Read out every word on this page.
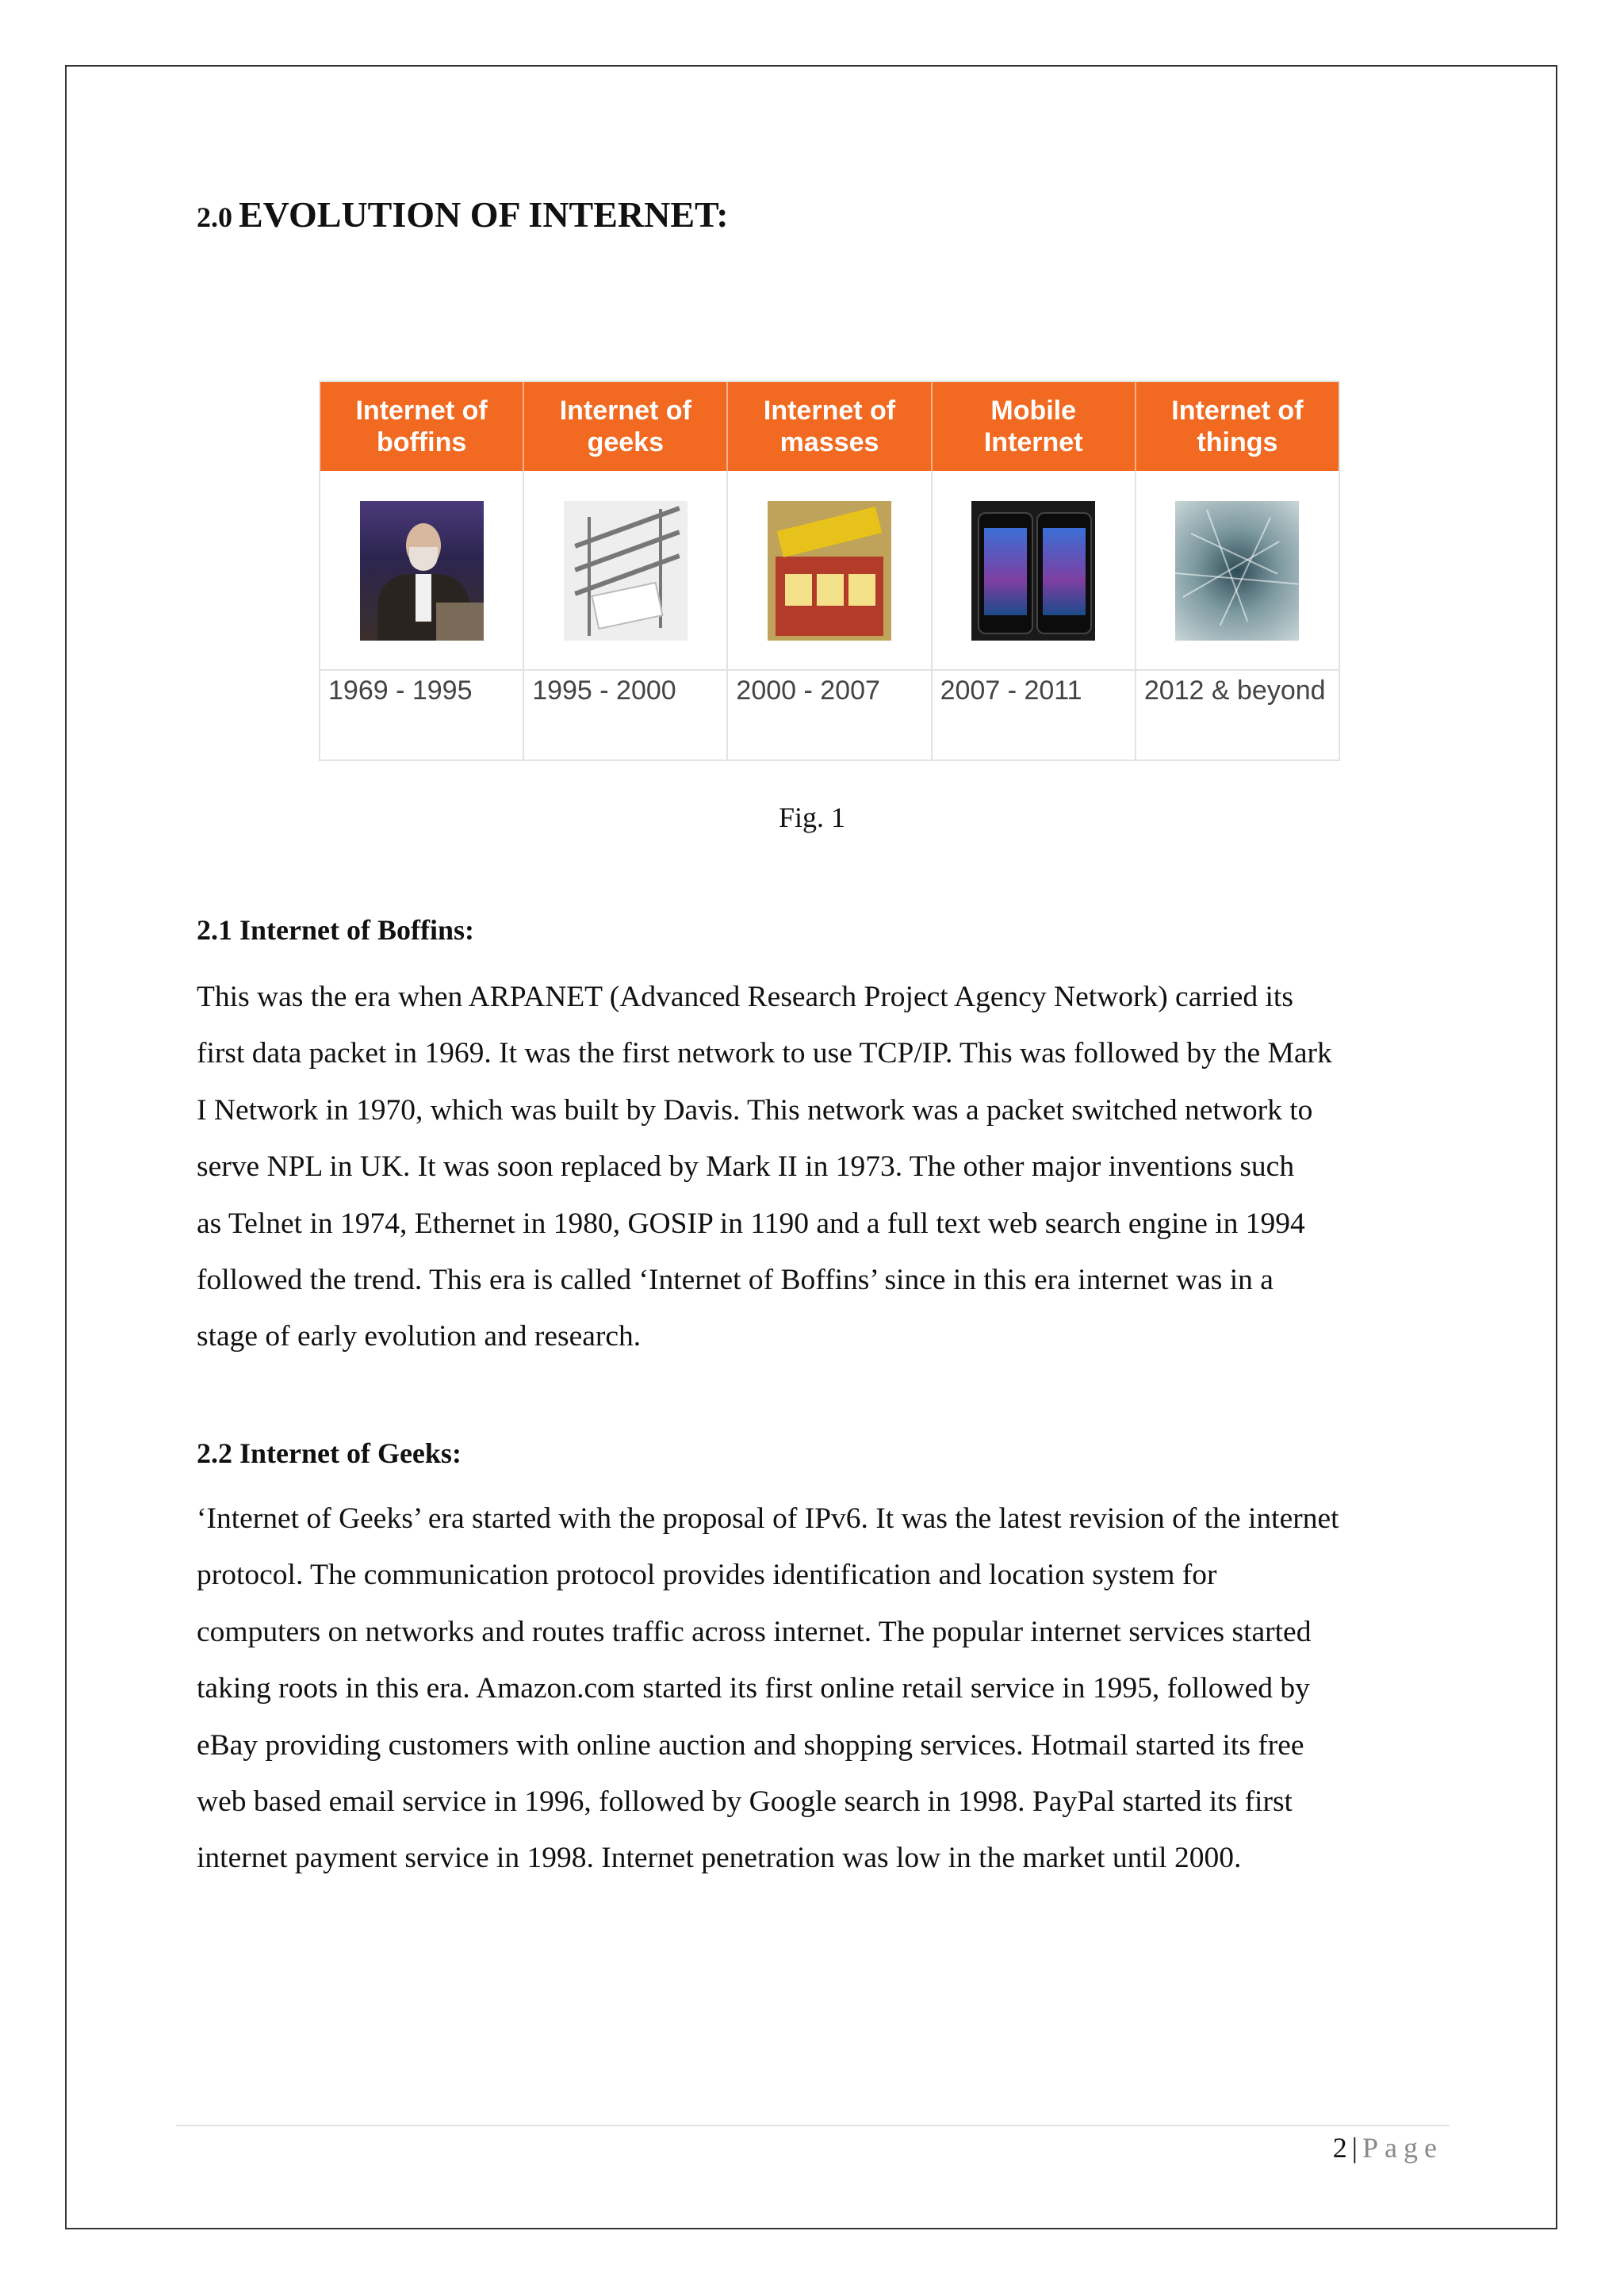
2.0 EVOLUTION OF INTERNET:
Internet of
boffins
Internet of
geeks
Internet of
masses
Mobile Internet
Internet of
things
1969 - 1995 1995 - 2000 2000 - 2007 2007 - 2011 2012 & beyond

Fig. 1

2.1 Internet of Boffins:
This was the era when ARPANET (Advanced Research Project Agency Network) carried its
first data packet in 1969. It was the first network to use TCP/IP. This was followed by the Mark
I Network in 1970, which was built by Davis. This network was a packet switched network to
serve NPL in UK. It was soon replaced by Mark II in 1973. The other major inventions such
as Telnet in 1974, Ethernet in 1980, GOSIP in 1190 and a full text web search engine in 1994
followed the trend. This era is called ‘Internet of Boffins’ since in this era internet was in a
stage of early evolution and research.
2.2 Internet of Geeks:
‘Internet of Geeks’ era started with the proposal of IPv6. It was the latest revision of the internet
protocol. The communication protocol provides identification and location system for
computers on networks and routes traffic across internet. The popular internet services started
taking roots in this era. Amazon.com started its first online retail service in 1995, followed by
eBay providing customers with online auction and shopping services. Hotmail started its free
web based email service in 1996, followed by Google search in 1998. PayPal started its first
internet payment service in 1998. Internet penetration was low in the market until 2000.
2 | Page
